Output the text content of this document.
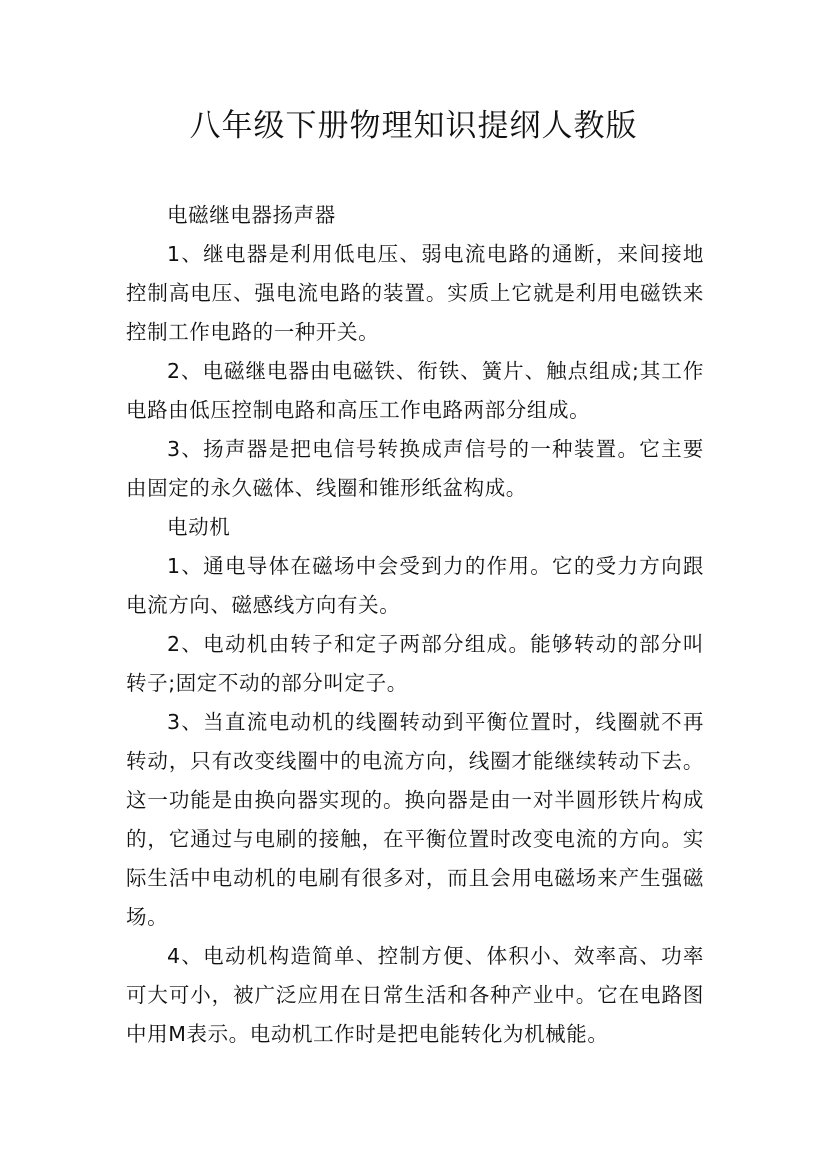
八年级下册物理知识提纲人教版

电磁继电器扬声器

1、继电器是利用低电压、弱电流电路的通断，来间接地控制高电压、强电流电路的装置。实质上它就是利用电磁铁来控制工作电路的一种开关。

2、电磁继电器由电磁铁、衔铁、簧片、触点组成;其工作电路由低压控制电路和高压工作电路两部分组成。

3、扬声器是把电信号转换成声信号的一种装置。它主要由固定的永久磁体、线圈和锥形纸盆构成。

电动机

1、通电导体在磁场中会受到力的作用。它的受力方向跟电流方向、磁感线方向有关。

2、电动机由转子和定子两部分组成。能够转动的部分叫转子;固定不动的部分叫定子。

3、当直流电动机的线圈转动到平衡位置时，线圈就不再转动，只有改变线圈中的电流方向，线圈才能继续转动下去。这一功能是由换向器实现的。换向器是由一对半圆形铁片构成的，它通过与电刷的接触，在平衡位置时改变电流的方向。实际生活中电动机的电刷有很多对，而且会用电磁场来产生强磁场。

4、电动机构造简单、控制方便、体积小、效率高、功率可大可小，被广泛应用在日常生活和各种产业中。它在电路图中用M表示。电动机工作时是把电能转化为机械能。
